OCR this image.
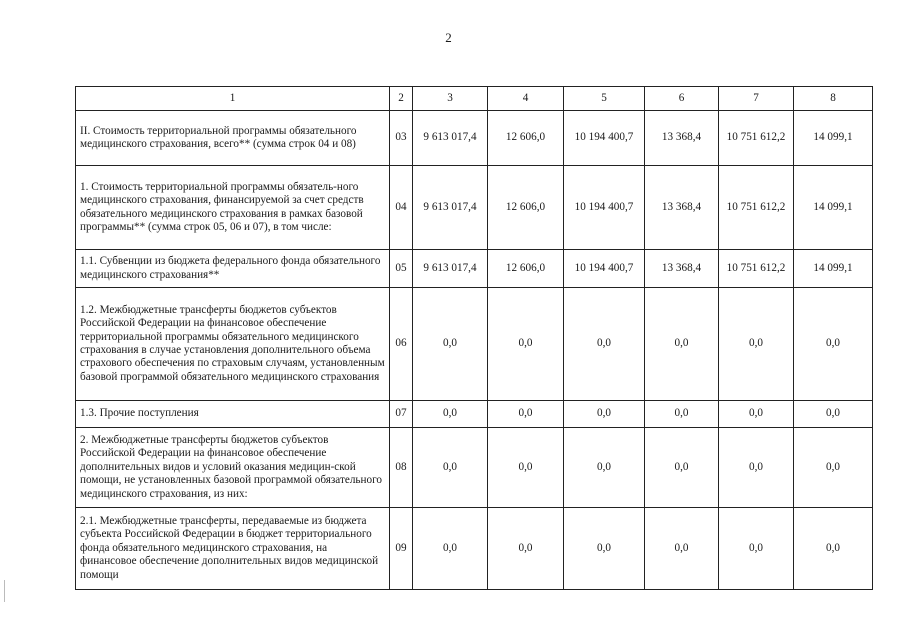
2
1	2	3	4	5	6	7	8
II. Стоимость территориальной программы обязательного медицинского страхования, всего** (сумма строк 04 и 08)	03	9 613 017,4	12 606,0	10 194 400,7	13 368,4	10 751 612,2	14 099,1
1. Стоимость территориальной программы обязатель-ного медицинского страхования, финансируемой за счет средств обязательного медицинского страхования в рамках базовой программы** (сумма строк 05, 06 и 07), в том числе:	04	9 613 017,4	12 606,0	10 194 400,7	13 368,4	10 751 612,2	14 099,1
1.1. Субвенции из бюджета федерального фонда обязательного медицинского страхования**	05	9 613 017,4	12 606,0	10 194 400,7	13 368,4	10 751 612,2	14 099,1
1.2. Межбюджетные трансферты бюджетов субъектов Российской Федерации на финансовое обеспечение территориальной программы обязательного медицинского страхования в случае установления дополнительного объема страхового обеспечения по страховым случаям, установленным базовой программой обязательного медицинского страхования	06	0,0	0,0	0,0	0,0	0,0	0,0
1.3. Прочие поступления	07	0,0	0,0	0,0	0,0	0,0	0,0
2. Межбюджетные трансферты бюджетов субъектов Российской Федерации на финансовое обеспечение дополнительных видов и условий оказания медицин-ской помощи, не установленных базовой программой обязательного медицинского страхования, из них:	08	0,0	0,0	0,0	0,0	0,0	0,0
2.1. Межбюджетные трансферты, передаваемые из бюджета субъекта Российской Федерации в бюджет территориального фонда обязательного медицинского страхования, на финансовое обеспечение дополнительных видов медицинской помощи	09	0,0	0,0	0,0	0,0	0,0	0,0
